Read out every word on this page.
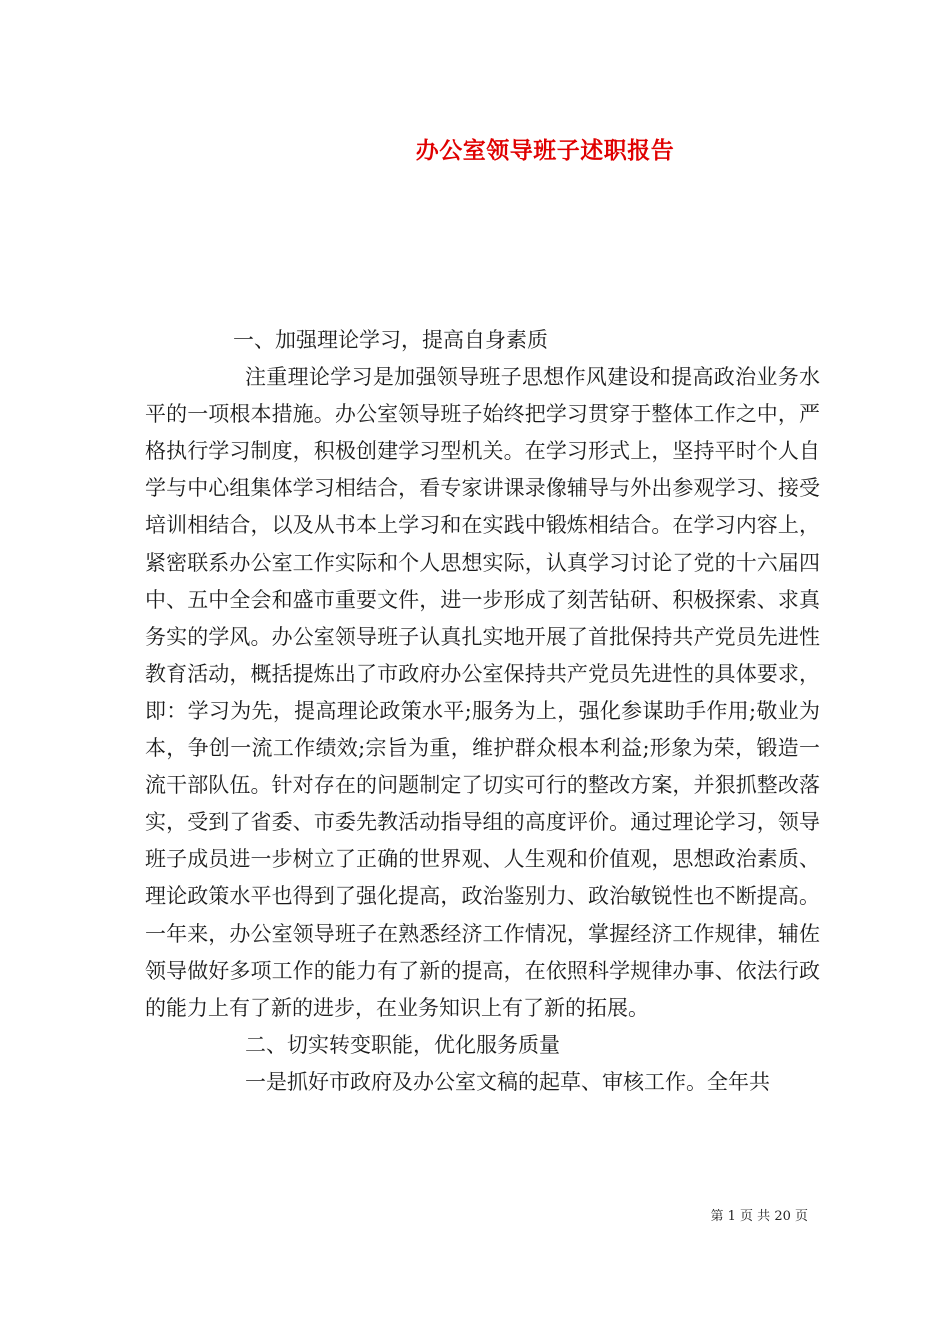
办公室领导班子述职报告

一、加强理论学习，提高自身素质

注重理论学习是加强领导班子思想作风建设和提高政治业务水平的一项根本措施。办公室领导班子始终把学习贯穿于整体工作之中，严格执行学习制度，积极创建学习型机关。在学习形式上，坚持平时个人自学与中心组集体学习相结合，看专家讲课录像辅导与外出参观学习、接受培训相结合，以及从书本上学习和在实践中锻炼相结合。在学习内容上，紧密联系办公室工作实际和个人思想实际，认真学习讨论了党的十六届四中、五中全会和盛市重要文件，进一步形成了刻苦钻研、积极探索、求真务实的学风。办公室领导班子认真扎实地开展了首批保持共产党员先进性教育活动，概括提炼出了市政府办公室保持共产党员先进性的具体要求，即：学习为先，提高理论政策水平;服务为上，强化参谋助手作用;敬业为本，争创一流工作绩效;宗旨为重，维护群众根本利益;形象为荣，锻造一流干部队伍。针对存在的问题制定了切实可行的整改方案，并狠抓整改落实，受到了省委、市委先教活动指导组的高度评价。通过理论学习，领导班子成员进一步树立了正确的世界观、人生观和价值观，思想政治素质、理论政策水平也得到了强化提高，政治鉴别力、政治敏锐性也不断提高。一年来，办公室领导班子在熟悉经济工作情况，掌握经济工作规律，辅佐领导做好多项工作的能力有了新的提高，在依照科学规律办事、依法行政的能力上有了新的进步，在业务知识上有了新的拓展。

二、切实转变职能，优化服务质量

一是抓好市政府及办公室文稿的起草、审核工作。全年共

第 1 页 共 20 页
